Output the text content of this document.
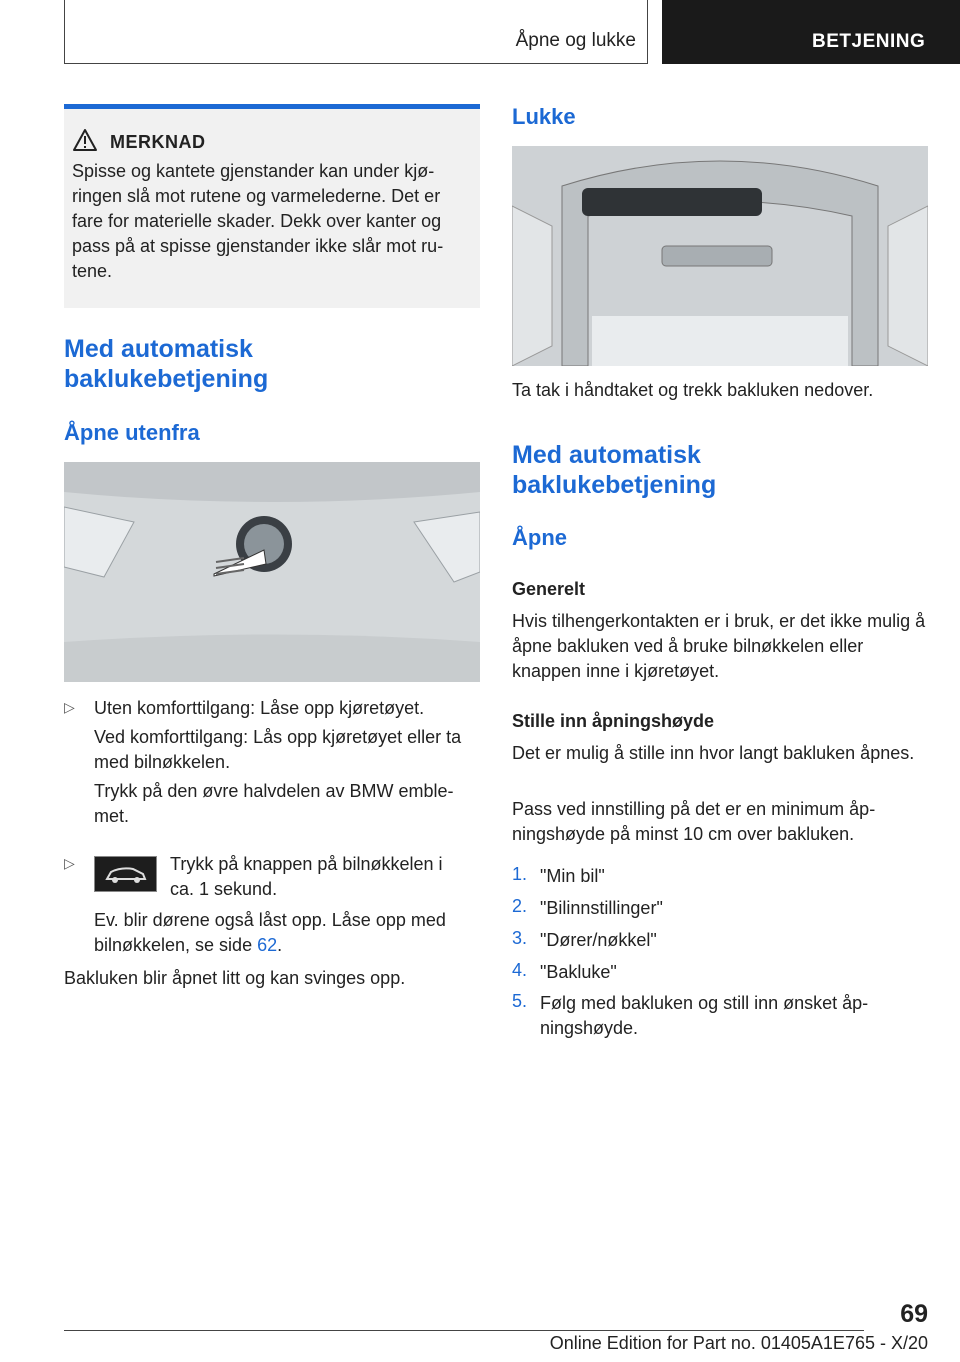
Åpne og lukke	BETJENING
MERKNAD

Spisse og kantete gjenstander kan under kjøringen slå mot rutene og varmelederne. Det er fare for materielle skader. Dekk over kanter og pass på at spisse gjenstander ikke slår mot rutene.

Med automatisk baklukebetjening

Åpne utenfra

▷ Uten komforttilgang: Låse opp kjøretøyet.

Ved komforttilgang: Lås opp kjøretøyet eller ta med bilnøkkelen.

Trykk på den øvre halvdelen av BMW emblemet.

▷	Trykk på knappen på bilnøkkelen i ca. 1 sekund.

Ev. blir dørene også låst opp. Låse opp med bilnøkkelen, se side 62.

Bakluken blir åpnet litt og kan svinges opp.

Lukke

Ta tak i håndtaket og trekk bakluken nedover.

Med automatisk baklukebetjening

Åpne

Generelt

Hvis tilhengerkontakten er i bruk, er det ikke mulig å åpne bakluken ved å bruke bilnøkkelen eller knappen inne i kjøretøyet.

Stille inn åpningshøyde

Det er mulig å stille inn hvor langt bakluken åpnes.

Pass ved innstilling på det er en minimum åpningshøyde på minst 10 cm over bakluken.

1. "Min bil"

2. "Bilinnstillinger"

3. "Dører/nøkkel"

4. "Bakluke"

5. Følg med bakluken og still inn ønsket åpningshøyde.

69
Online Edition for Part no. 01405A1E765 - X/20
